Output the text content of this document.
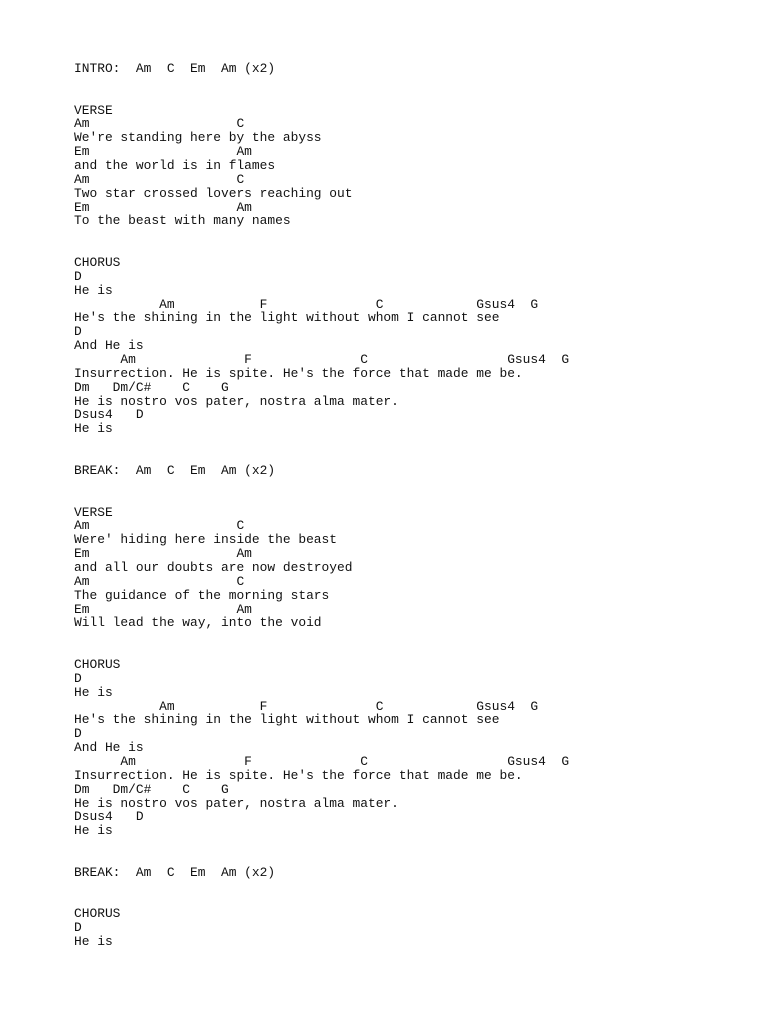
INTRO:  Am  C  Em  Am (x2)
VERSE
Am                   C
We're standing here by the abyss
Em                   Am
and the world is in flames
Am                   C
Two star crossed lovers reaching out
Em                   Am
To the beast with many names
CHORUS
D
He is
Am           F              C            Gsus4  G
He's the shining in the light without whom I cannot see
D
And He is
Am              F              C                  Gsus4  G
Insurrection. He is spite. He's the force that made me be.
Dm   Dm/C#    C    G
He is nostro vos pater, nostra alma mater.
Dsus4   D
He is
BREAK:  Am  C  Em  Am (x2)
VERSE
Am                   C
Were' hiding here inside the beast
Em                   Am
and all our doubts are now destroyed
Am                   C
The guidance of the morning stars
Em                   Am
Will lead the way, into the void
CHORUS
D
He is
Am           F              C            Gsus4  G
He's the shining in the light without whom I cannot see
D
And He is
Am              F              C                  Gsus4  G
Insurrection. He is spite. He's the force that made me be.
Dm   Dm/C#    C    G
He is nostro vos pater, nostra alma mater.
Dsus4   D
He is
BREAK:  Am  C  Em  Am (x2)
CHORUS
D
He is
